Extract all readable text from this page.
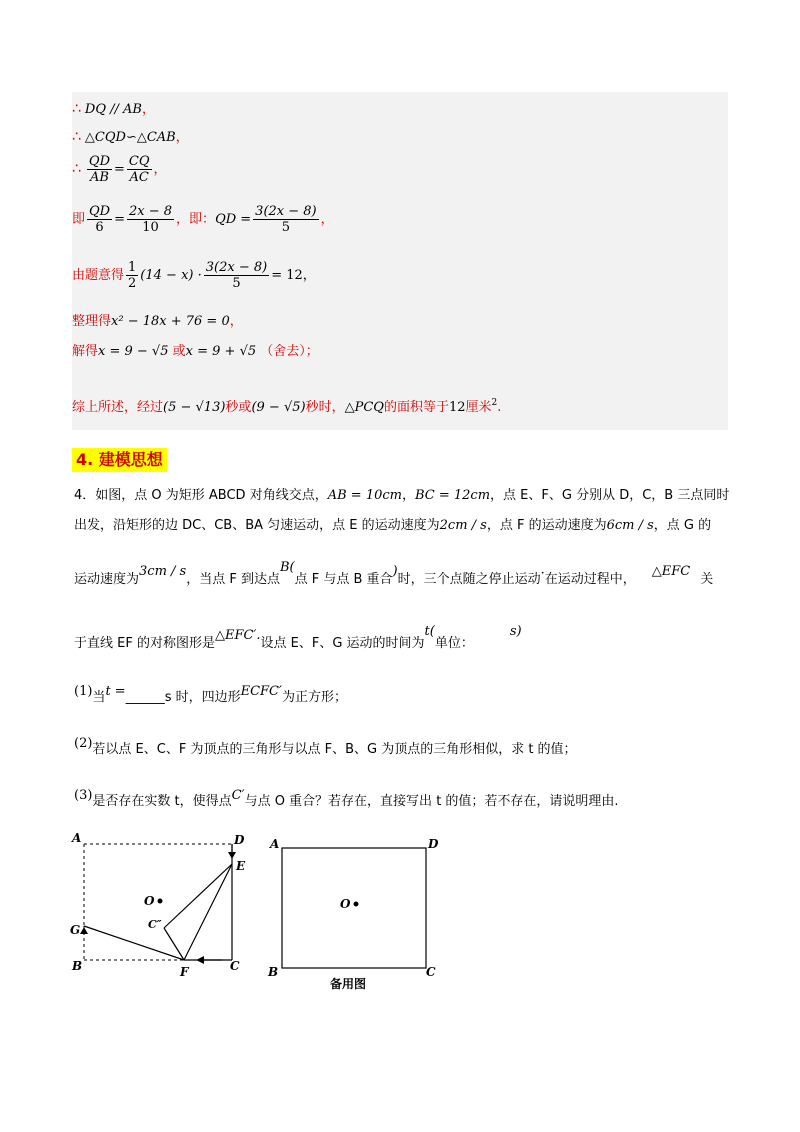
∴ DQ // AB，
∴ △CQD∽△CAB，
∴ $\frac{QD}{AB} = \frac{CQ}{AC}$ ，
即 $\frac{QD}{6} = \frac{2x - 8}{10}$ ，即：QD = $\frac{3(2x - 8)}{5}$ ，
由题意得 $\frac{1}{2} (14 - x) \cdot \frac{3(2x - 8)}{5} = 12$，
整理得x² − 18x + 76 = 0，
解得x = 9 − √5 或x = 9 + √5 （舍去）；
综上所述，经过(5 − √13)秒或(9 − √5)秒时，△PCQ的面积等于12厘米$^2$.
4. 建模思想
4．如图，点 O 为矩形 ABCD 对角线交点，AB = 10cm，BC = 12cm，点 E、F、G 分别从 D，C，B 三点同时
出发，沿矩形的边 DC、CB、BA 匀速运动，点 E 的运动速度为2cm / s，点 F 的运动速度为6cm / s，点 G 的
运动速度为3cm / s，当点 F 到达点B(点 F 与点 B 重合)时，三个点随之停止运动·在运动过程中，△EFC关
于直线 EF 的对称图形是△EFC′.设点 E、F、G 运动的时间为t(单位：s)
(1)当t =______s 时，四边形ECFC′为正方形；
(2)若以点 E、C、F 为顶点的三角形与以点 F、B、G 为顶点的三角形相似，求 t 的值；
(3)是否存在实数 t，使得点C′与点 O 重合？若存在，直接写出 t 的值；若不存在，请说明理由.
A	D
E
G
B	F	C
O
C″
A	D
B	C
O
备用图
